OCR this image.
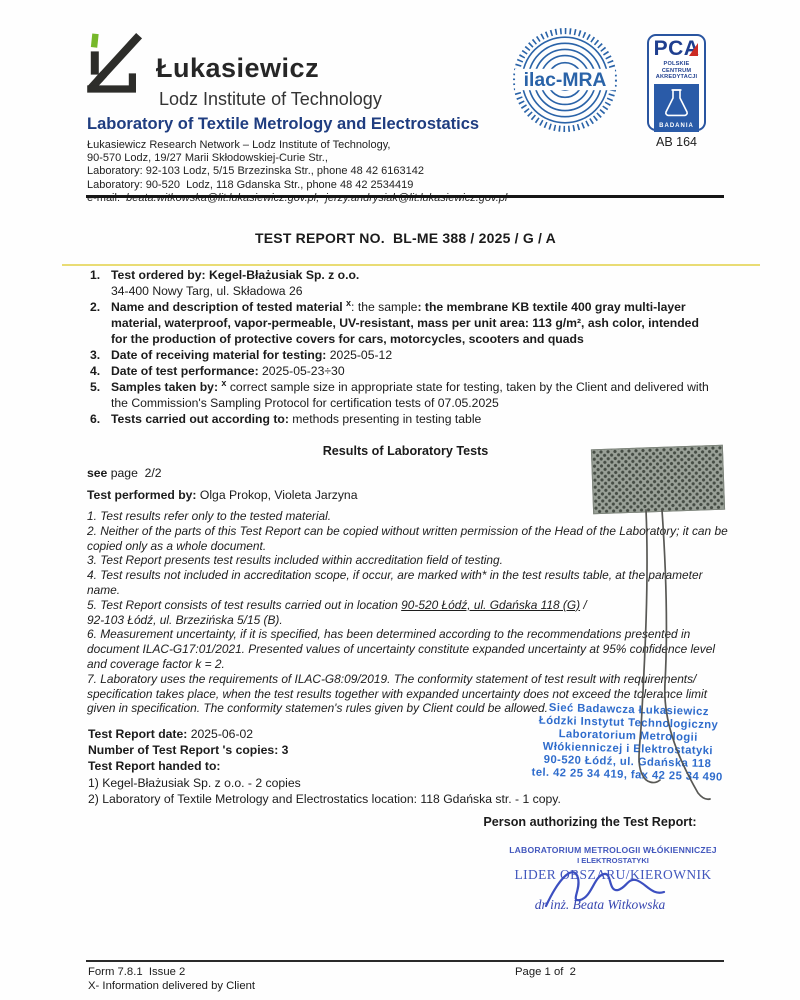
Łukasiewicz
Lodz Institute of Technology
Laboratory of Textile Metrology and Electrostatics
Łukasiewicz Research Network – Lodz Institute of Technology,
90-570 Lodz, 19/27 Marii Skłodowskiej-Curie Str.,
Laboratory: 92-103 Lodz, 5/15 Brzezinska Str., phone 48 42 6163142
Laboratory: 90-520  Lodz, 118 Gdanska Str., phone 48 42 2534419
ilac-MRA
PCA
POLSKIE CENTRUM
AKREDYTACJI
BADANIA
AB 164
TEST REPORT NO.  BL-ME 388 / 2025 / G / A
1. Test ordered by: Kegel-Błażusiak Sp. z o.o.
34-400 Nowy Targ, ul. Składowa 26
2. Name and description of tested material $^x$: the sample: the membrane KB textile 400 gray multi-layer material, waterproof, vapor-permeable, UV-resistant, mass per unit area: 113 g/m², ash color, intended for the production of protective covers for cars, motorcycles, scooters and quads
3. Date of receiving material for testing: 2025-05-12
4. Date of test performance: 2025-05-23÷30
5. Samples taken by: $^x$ correct sample size in appropriate state for testing, taken by the Client and delivered with the Commission's Sampling Protocol for certification tests of 07.05.2025
6. Tests carried out according to: methods presenting in testing table
Results of Laboratory Tests
see page  2/2
Test performed by: Olga Prokop, Violeta Jarzyna

1. Test results refer only to the tested material.

2. Neither of the parts of this Test Report can be copied without written permission of the Head of the Laboratory; it can be copied only as a whole document.

3. Test Report presents test results included within accreditation field of testing.

4. Test results not included in accreditation scope, if occur, are marked with* in the test results table, at the parameter name.

5. Test Report consists of test results carried out in location 90-520 Łódź, ul. Gdańska 118 (G) /
92-103 Łódź, ul. Brzezińska 5/15 (B).

6. Measurement uncertainty, if it is specified, has been determined according to the recommendations presented in document ILAC-G17:01/2021. Presented values of uncertainty constitute expanded uncertainty at 95% confidence level and coverage factor k = 2.

7. Laboratory uses the requirements of ILAC-G8:09/2019. The conformity statement of test result with requirements/ specification takes place, when the test results together with expanded uncertainty does not exceed the tolerance limit given in specification. The conformity statemen's rules given by Client could be allowed. Sieć Badawcza Łukasiewicz
Łódzki Instytut Technologiczny
Laboratorium Metrologii
Włókienniczej i Elektrostatyki
90-520 Łódź, ul. Gdańska 118
tel. 42 25 34 419, fax 42 25 34 490
Test Report date: 2025-06-02
Number of Test Report 's copies: 3
Test Report handed to:
1) Kegel-Błażusiak Sp. z o.o. - 2 copies
2) Laboratory of Textile Metrology and Electrostatics location: 118 Gdańska str. - 1 copy.
Person authorizing the Test Report:
LABORATORIUM METROLOGII WŁÓKIENNICZEJ
I ELEKTROSTATYKI
LIDER OBSZARU/KIEROWNIK
dr inż. Beata Witkowska
Form 7.8.1  Issue 2	Page 1 of  2
X- Information delivered by Client
